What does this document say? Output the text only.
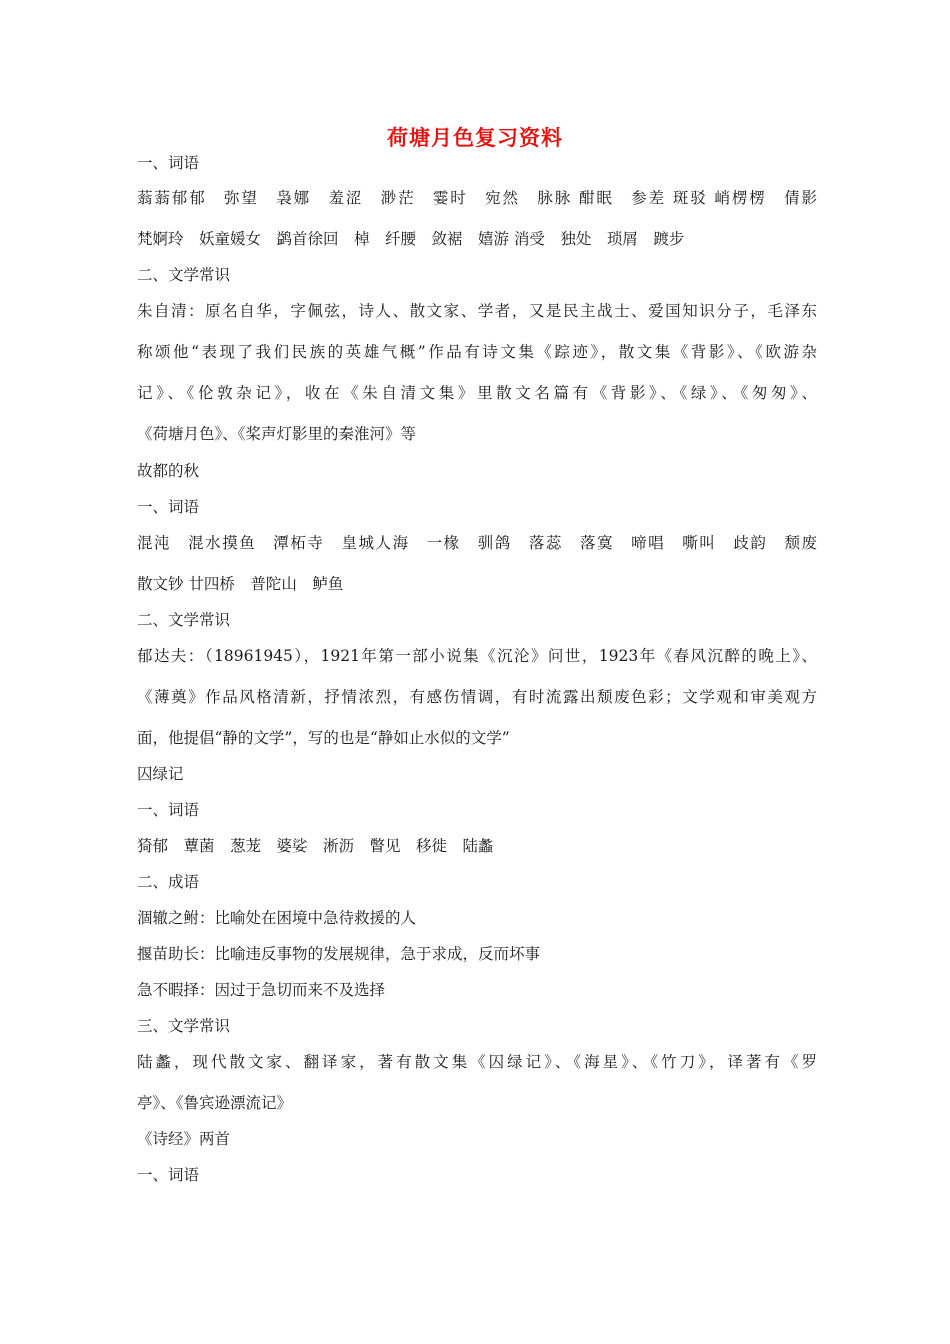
荷塘月色复习资料
一、词语
蓊蓊郁郁　弥望　袅娜　羞涩　渺茫　霎时　宛然　脉脉 酣眠　参差 斑驳 峭楞楞　倩影
梵婀玲　妖童媛女　鹢首徐回　棹　纤腰　敛裾　嬉游 消受　独处　琐屑　踱步
二、文学常识
朱自清：原名自华，字佩弦，诗人、散文家、学者，又是民主战士、爱国知识分子，毛泽东
称颂他“表现了我们民族的英雄气概”作品有诗文集《踪迹》，散文集《背影》、《欧游杂
记》、《伦敦杂记》，收在《朱自清文集》里散文名篇有《背影》、《绿》、《匆匆》、
《荷塘月色》、《桨声灯影里的秦淮河》等
故都的秋
一、词语
混沌　混水摸鱼　潭柘寺　皇城人海　一椽　驯鸽　落蕊　落寞　啼唱　嘶叫　歧韵　颓废
散文钞 廿四桥　普陀山　鲈鱼
二、文学常识
郁达夫：（18961945），1921年第一部小说集《沉沦》问世，1923年《春风沉醉的晚上》、
《薄奠》作品风格清新，抒情浓烈，有感伤情调，有时流露出颓废色彩；文学观和审美观方
面，他提倡“静的文学”，写的也是“静如止水似的文学”
囚绿记
一、词语
猗郁　蕈菌　葱茏　婆娑　淅沥　瞥见　移徙　陆蠡
二、成语
涸辙之鲋：比喻处在困境中急待救援的人
揠苗助长：比喻违反事物的发展规律，急于求成，反而坏事
急不暇择：因过于急切而来不及选择
三、文学常识
陆蠡，现代散文家、翻译家，著有散文集《囚绿记》、《海星》、《竹刀》，译著有《罗
亭》、《鲁宾逊漂流记》
《诗经》两首
一、词语
